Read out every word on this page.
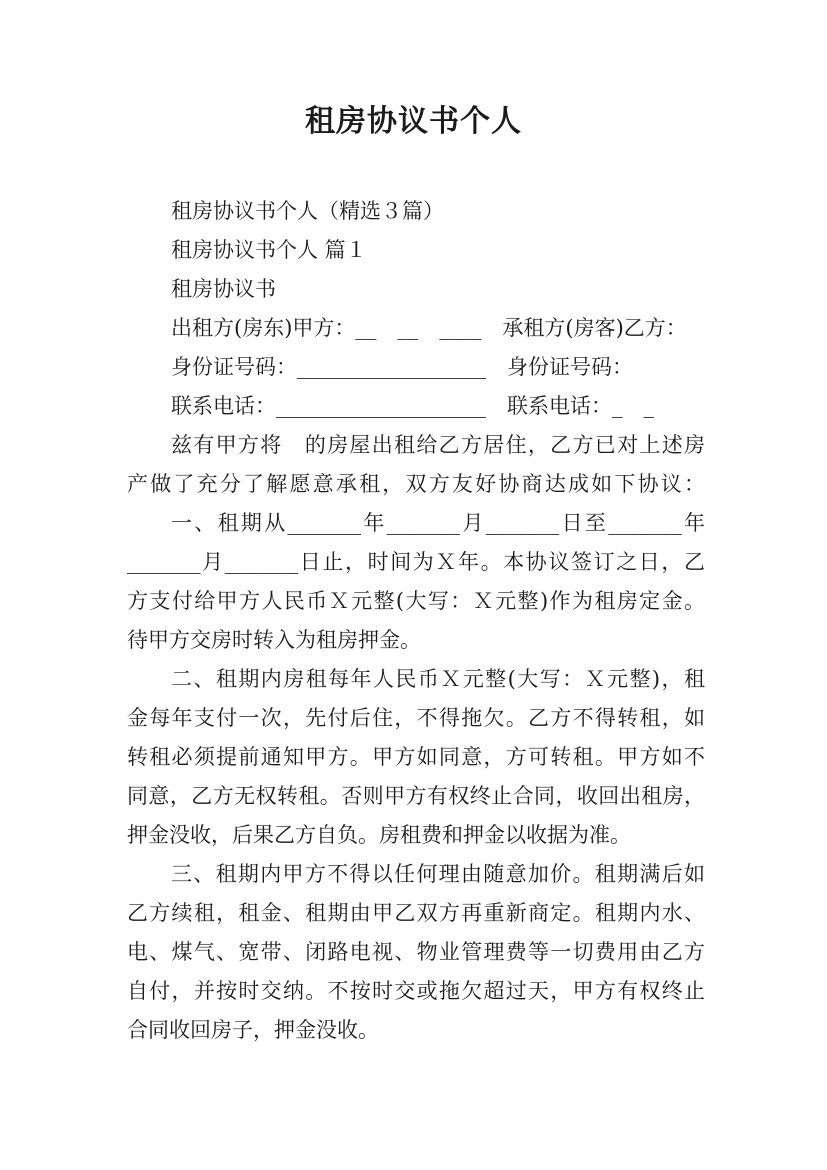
租房协议书个人
租房协议书个人（精选３篇）
租房协议书个人 篇１
租房协议书
出租方(房东)甲方：__　__　____　承租方(房客)乙方：
身份证号码：__________________　身份证号码：
联系电话：____________________　联系电话：_　_
兹有甲方将　的房屋出租给乙方居住，乙方已对上述房
产做了充分了解愿意承租，双方友好协商达成如下协议：
一、租期从_______年_______月_______日至_______年
_______月_______日止，时间为Ｘ年。本协议签订之日，乙
方支付给甲方人民币Ｘ元整(大写：Ｘ元整)作为租房定金。
待甲方交房时转入为租房押金。
二、租期内房租每年人民币Ｘ元整(大写：Ｘ元整)，租
金每年支付一次，先付后住，不得拖欠。乙方不得转租，如
转租必须提前通知甲方。甲方如同意，方可转租。甲方如不
同意，乙方无权转租。否则甲方有权终止合同，收回出租房，
押金没收，后果乙方自负。房租费和押金以收据为准。
三、租期内甲方不得以任何理由随意加价。租期满后如
乙方续租，租金、租期由甲乙双方再重新商定。租期内水、
电、煤气、宽带、闭路电视、物业管理费等一切费用由乙方
自付，并按时交纳。不按时交或拖欠超过天，甲方有权终止
合同收回房子，押金没收。
